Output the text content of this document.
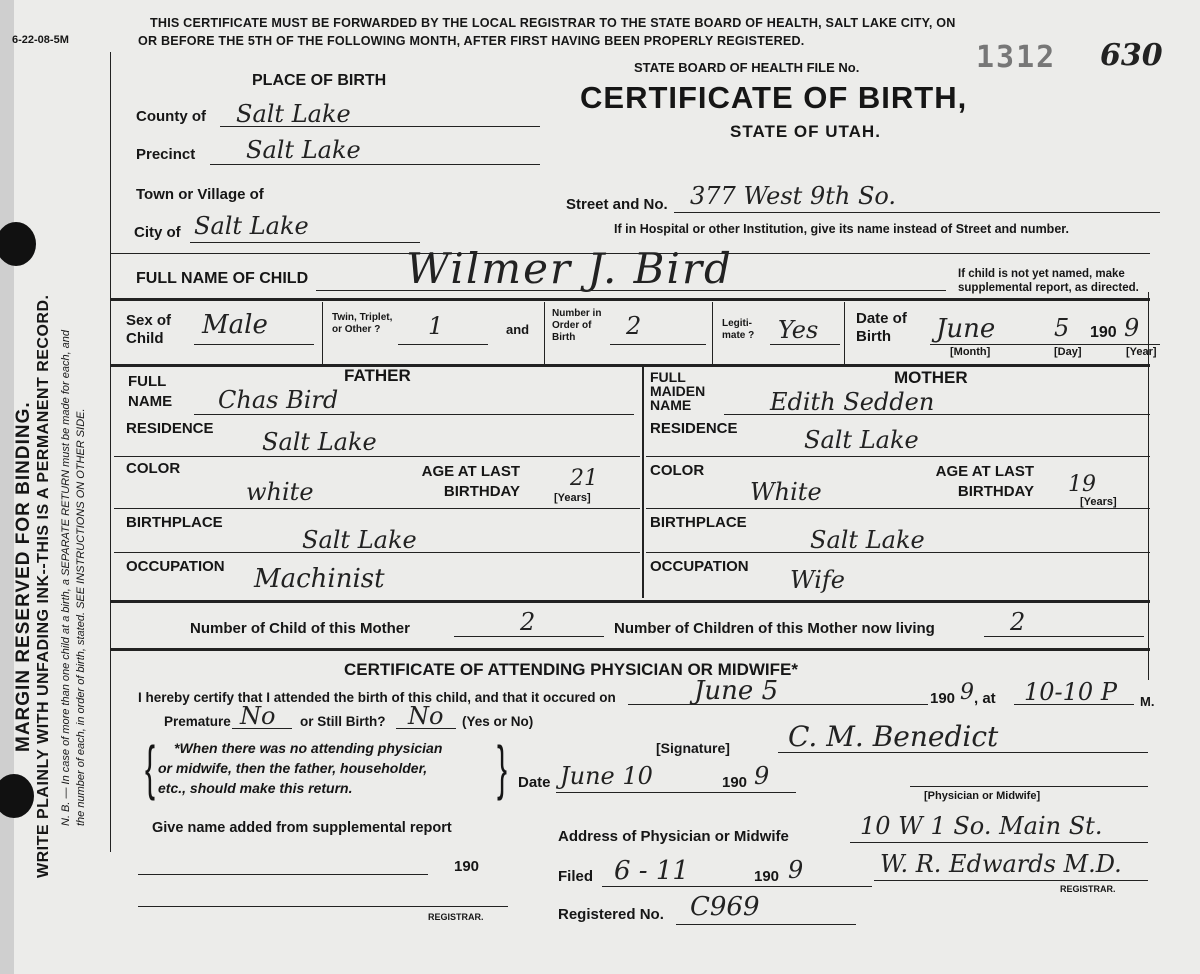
MARGIN RESERVED FOR BINDING. WRITE PLAINLY WITH UNFADING INK--THIS IS A PERMANENT RECORD. N. B. — In case of more than one child at a birth, a SEPARATE RETURN must be made for each, and the number of each, in order of birth, stated. SEE INSTRUCTIONS ON OTHER SIDE.
THIS CERTIFICATE MUST BE FORWARDED BY THE LOCAL REGISTRAR TO THE STATE BOARD OF HEALTH, SALT LAKE CITY, ON
OR BEFORE THE 5TH OF THE FOLLOWING MONTH, AFTER FIRST HAVING BEEN PROPERLY REGISTERED.
6-22-08-5M
STATE BOARD OF HEALTH FILE No.	1312 630
CERTIFICATE OF BIRTH,
STATE OF UTAH.
PLACE OF BIRTH
County of Salt Lake
Precinct Salt Lake
Town or Village of
City of Salt Lake
Street and No. 377 West 9th So.
If in Hospital or other Institution, give its name instead of Street and number.
FULL NAME OF CHILD Wilmer J. Bird	If child is not yet named, make
supplemental report, as directed.
Sex of Child	Male	Twin, Triplet, or Other ?	1	and
Number in Order of Birth	2	Legiti-mate ? Yes	Date of Birth	June 5 190 9
[Month]	[Day]	[Year]
FATHER
FULL NAME	Chas Bird
RESIDENCE Salt Lake
COLOR
white
AGE AT LAST BIRTHDAY
21
[Years]
BIRTHPLACE
Salt Lake
OCCUPATION Machinist
MOTHER
FULL MAIDEN NAME	Edith Sedden
RESIDENCE	Salt Lake
COLOR
White
AGE AT LAST BIRTHDAY 19
[Years]
BIRTHPLACE
Salt Lake
OCCUPATION Wife
Number of Child of this Mother	2	Number of Children of this Mother now living	2
CERTIFICATE OF ATTENDING PHYSICIAN OR MIDWIFE*
I hereby certify that I attended the birth of this child, and that it occured on	June 5	190 9 , at 10-10 P M.
Premature No or Still Birth? No (Yes or No)
{	}
*When there was no attending physician
or midwife, then the father, householder,
etc., should make this return.
[Signature] C. M. Benedict
Date June 10	190 9
[Physician or Midwife]
Give name added from supplemental report
190
REGISTRAR.
Address of Physician or Midwife	10 W 1 So. Main St.
Filed 6 - 11	190 9	W. R. Edwards M.D.
REGISTRAR.
Registered No. C969
